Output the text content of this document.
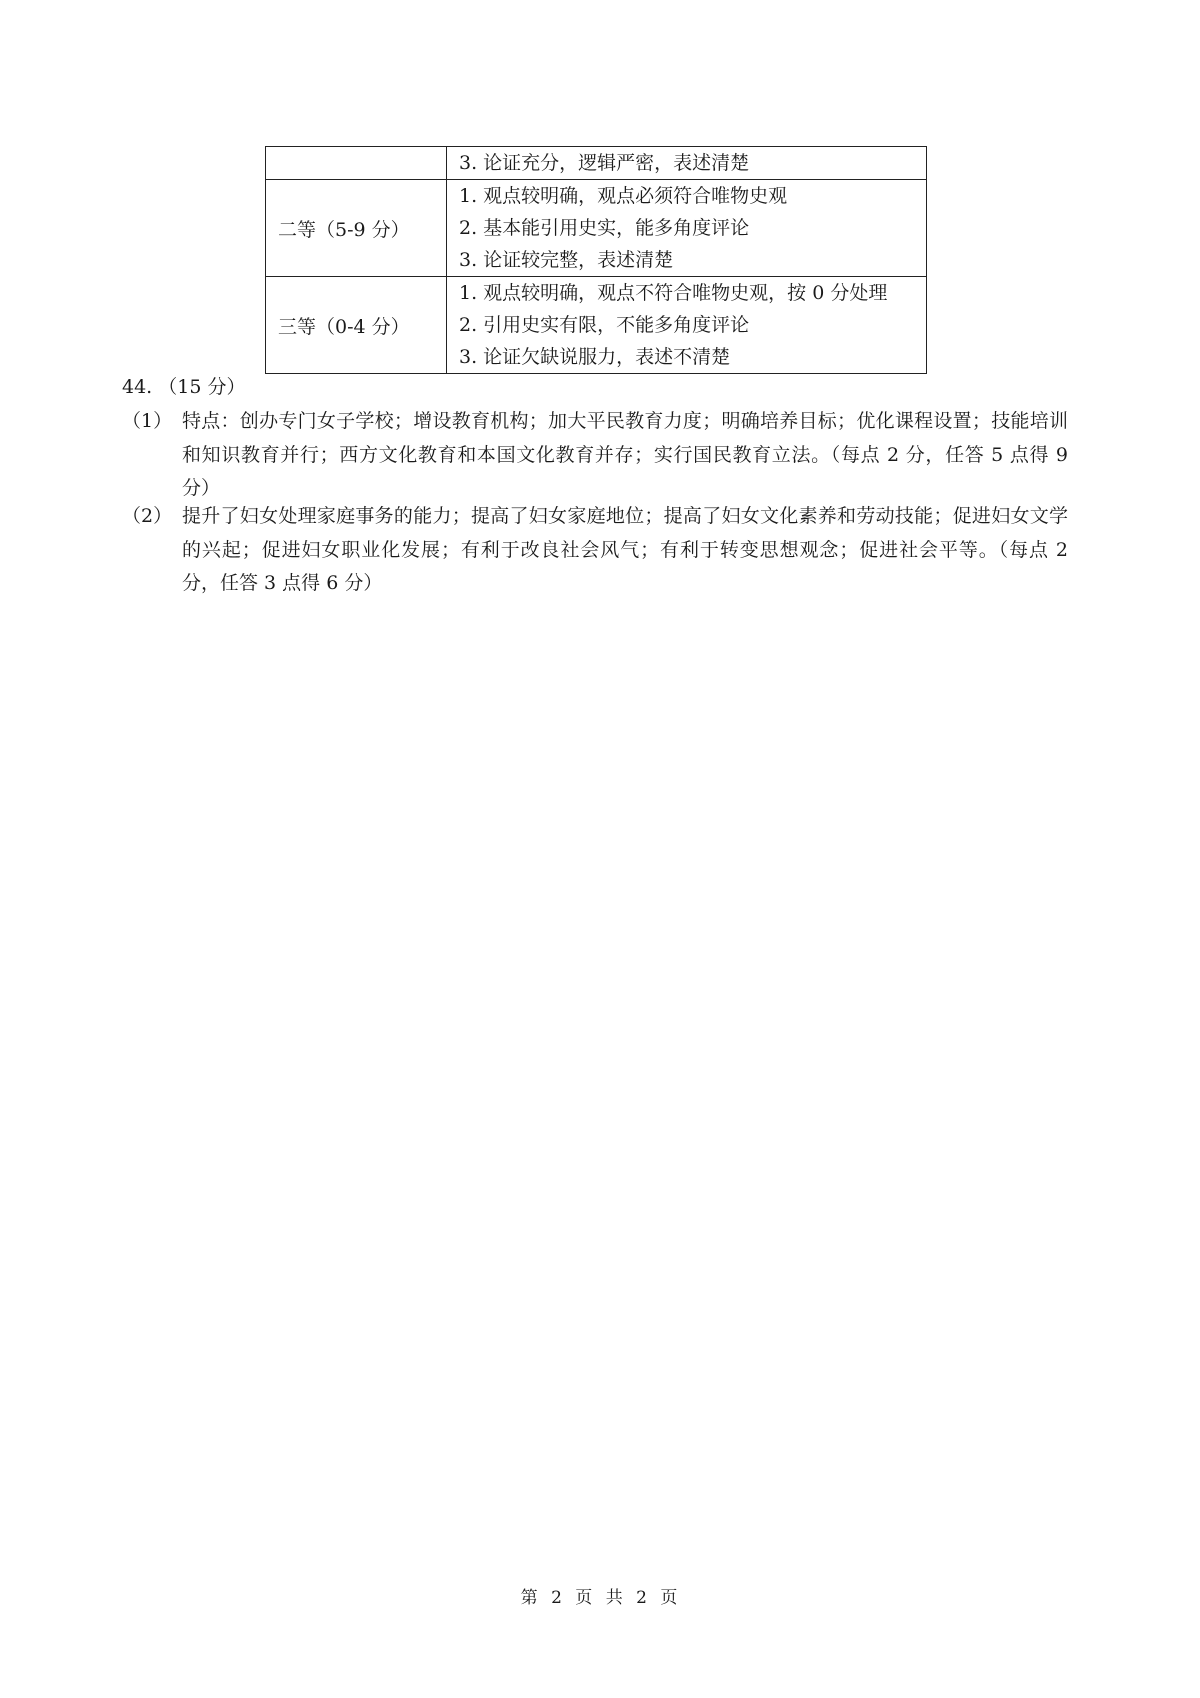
	3. 论证充分，逻辑严密，表述清楚

二等（5-9 分）	1. 观点较明确，观点必须符合唯物史观
2. 基本能引用史实，能多角度评论
3. 论证较完整，表述清楚

三等（0-4 分）	1. 观点较明确，观点不符合唯物史观，按 0 分处理
2. 引用史实有限，不能多角度评论
3. 论证欠缺说服力，表述不清楚
44. （15 分）
（1） 特点：创办专门女子学校；增设教育机构；加大平民教育力度；明确培养目标；优化课程设置；技能培训和知识教育并行；西方文化教育和本国文化教育并存；实行国民教育立法。（每点 2 分，任答 5 点得 9 分）
（2） 提升了妇女处理家庭事务的能力；提高了妇女家庭地位；提高了妇女文化素养和劳动技能；促进妇女文学的兴起；促进妇女职业化发展；有利于改良社会风气；有利于转变思想观念；促进社会平等。（每点 2 分，任答 3 点得 6 分）
第 2 页 共 2 页
